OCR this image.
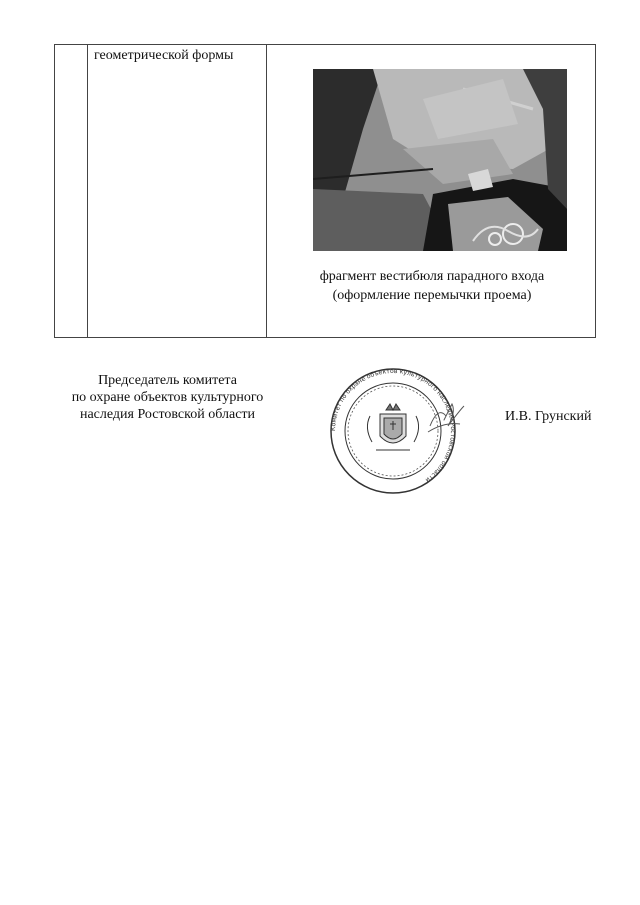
геометрической формы

фрагмент вестибюля парадного входа
(оформление перемычки проема)
Председатель комитета
по охране объектов культурного
наследия Ростовской области
Комитет по охране объектов культурного наследия Ростовской области
И.В. Грунский
